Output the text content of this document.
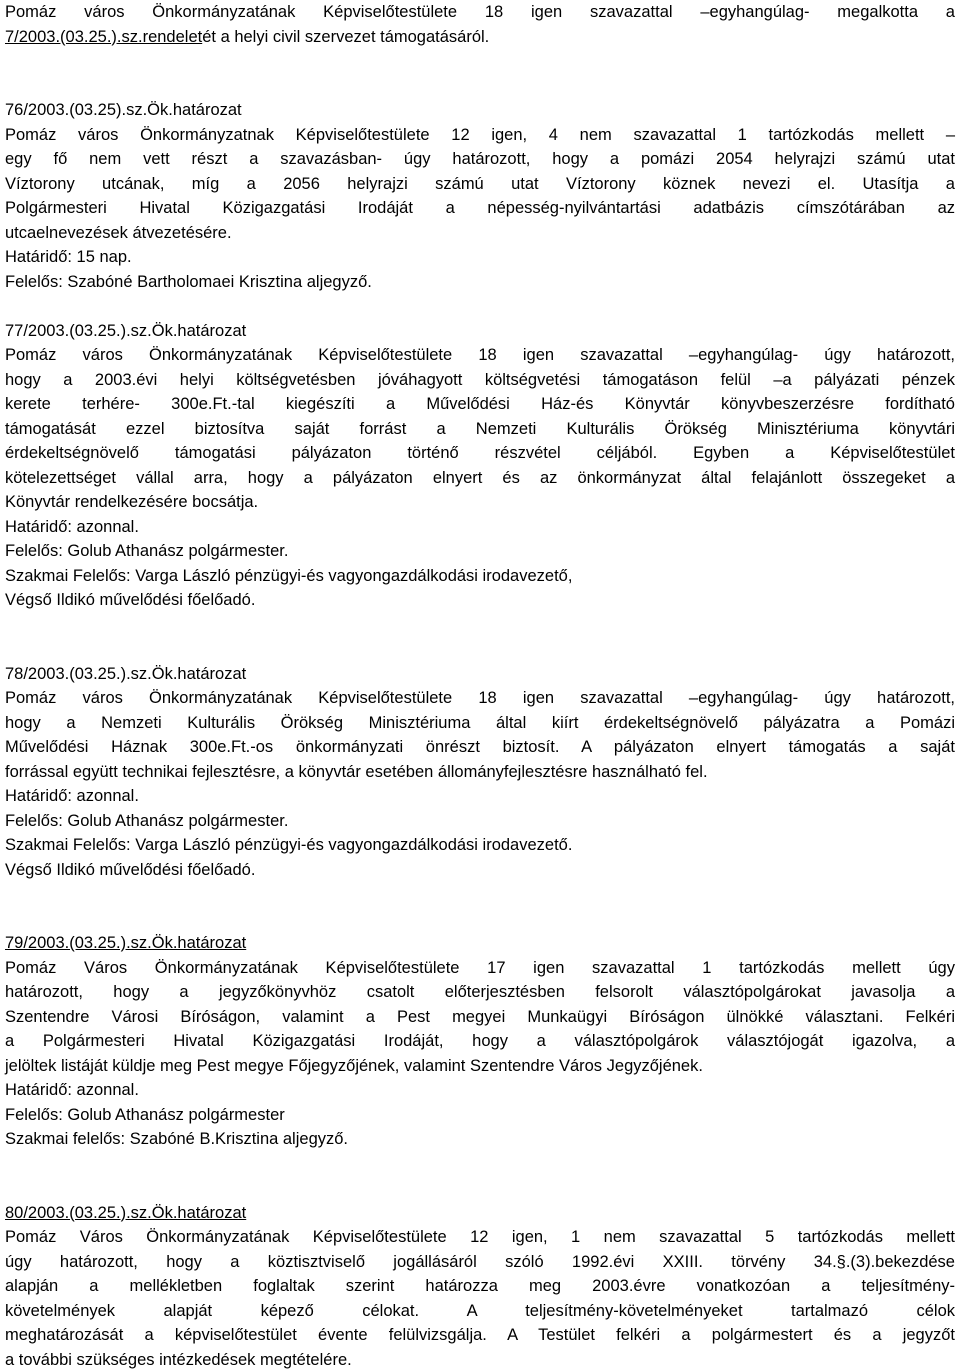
Pomáz város Önkormányzatának Képviselőtestülete 18 igen szavazattal –egyhangúlag- megalkotta a

7/2003.(03.25.).sz.rendeletét a helyi civil szervezet támogatásáról.

76/2003.(03.25).sz.Ök.határozat

Pomáz város Önkormányzatnak Képviselőtestülete 12 igen, 4 nem szavazattal 1 tartózkodás mellett –

egy fő nem vett részt a szavazásban- úgy határozott, hogy a pomázi 2054 helyrajzi számú utat

Víztorony utcának, míg a 2056 helyrajzi számú utat Víztorony köznek nevezi el. Utasítja a

Polgármesteri Hivatal Közigazgatási Irodáját a népesség-nyilvántartási adatbázis címszótárában az

utcaelnevezések átvezetésére.

Határidő: 15 nap.

Felelős: Szabóné Bartholomaei Krisztina aljegyző.

77/2003.(03.25.).sz.Ök.határozat

Pomáz város Önkormányzatának Képviselőtestülete 18 igen szavazattal –egyhangúlag- úgy határozott,

hogy a 2003.évi helyi költségvetésben jóváhagyott költségvetési támogatáson felül –a pályázati pénzek

kerete terhére- 300e.Ft.-tal kiegészíti a Művelődési Ház-és Könyvtár könyvbeszerzésre fordítható

támogatását ezzel biztosítva saját forrást a Nemzeti Kulturális Örökség Minisztériuma könyvtári

érdekeltségnövelő támogatási pályázaton történő részvétel céljából. Egyben a Képviselőtestület

kötelezettséget vállal arra, hogy a pályázaton elnyert és az önkormányzat által felajánlott összegeket a

Könyvtár rendelkezésére bocsátja.

Határidő: azonnal.

Felelős: Golub Athanász polgármester.

Szakmai Felelős: Varga László pénzügyi-és vagyongazdálkodási irodavezető,

Végső Ildikó művelődési főelőadó.

78/2003.(03.25.).sz.Ök.határozat

Pomáz város Önkormányzatának Képviselőtestülete 18 igen szavazattal –egyhangúlag- úgy határozott,

hogy a Nemzeti Kulturális Örökség Minisztériuma által kiírt érdekeltségnövelő pályázatra a Pomázi

Művelődési Háznak 300e.Ft.-os önkormányzati önrészt biztosít. A pályázaton elnyert támogatás a saját

forrással együtt technikai fejlesztésre, a könyvtár esetében állományfejlesztésre használható fel.

Határidő: azonnal.

Felelős: Golub Athanász polgármester.

Szakmai Felelős: Varga László pénzügyi-és vagyongazdálkodási irodavezető.

Végső Ildikó művelődési főelőadó.

79/2003.(03.25.).sz.Ök.határozat

Pomáz Város Önkormányzatának Képviselőtestülete 17 igen szavazattal 1 tartózkodás mellett úgy

határozott, hogy a jegyzőkönyvhöz csatolt előterjesztésben felsorolt választópolgárokat javasolja a

Szentendre Városi Bíróságon, valamint a Pest megyei Munkaügyi Bíróságon ülnökké választani. Felkéri

a Polgármesteri Hivatal Közigazgatási Irodáját, hogy a választópolgárok választójogát igazolva, a

jelöltek listáját küldje meg Pest megye Főjegyzőjének, valamint Szentendre Város Jegyzőjének.

Határidő: azonnal.

Felelős: Golub Athanász polgármester

Szakmai felelős: Szabóné B.Krisztina aljegyző.

80/2003.(03.25.).sz.Ök.határozat

Pomáz Város Önkormányzatának Képviselőtestülete 12 igen, 1 nem szavazattal 5 tartózkodás mellett

úgy határozott, hogy a köztisztviselő jogállásáról szóló 1992.évi XXIII. törvény 34.§.(3).bekezdése

alapján a mellékletben foglaltak szerint határozza meg 2003.évre vonatkozóan a teljesítmény-

követelmények alapját képező célokat. A teljesítmény-követelményeket tartalmazó célok

meghatározását a képviselőtestület évente felülvizsgálja. A Testület felkéri a polgármestert és a jegyzőt

a további szükséges intézkedések megtételére.
